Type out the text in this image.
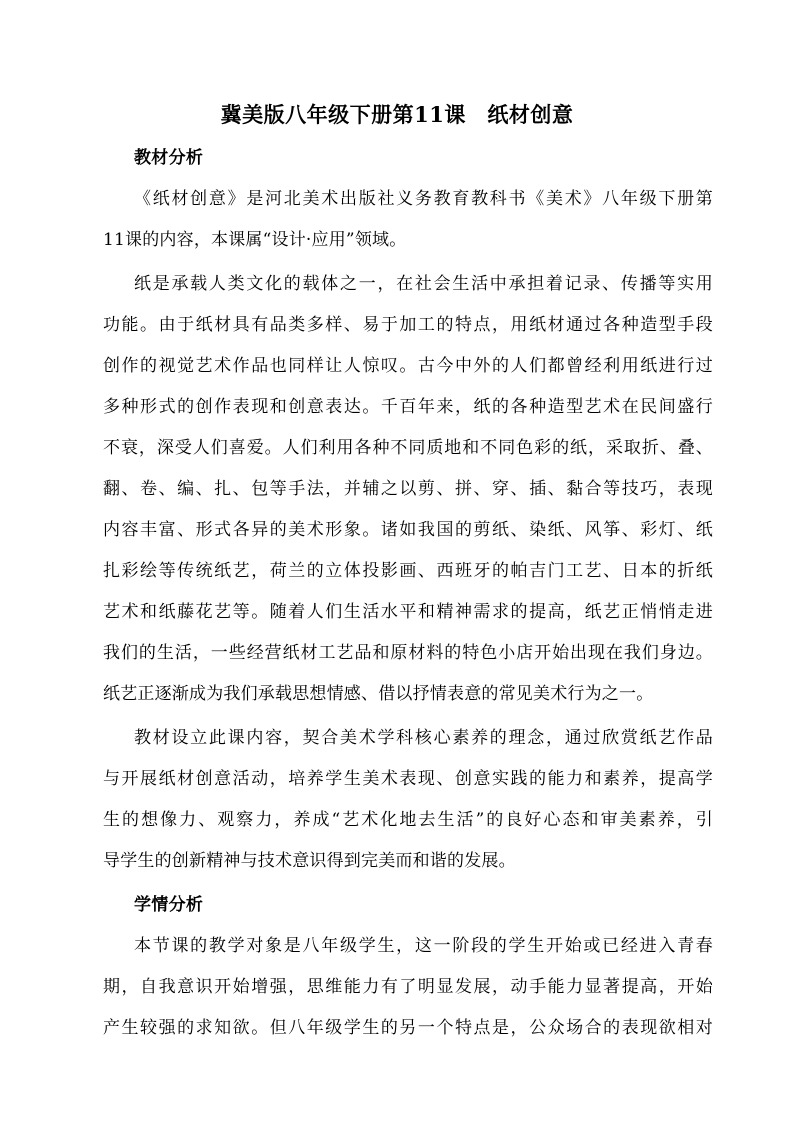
冀美版八年级下册第11课　纸材创意
教材分析
《纸材创意》是河北美术出版社义务教育教科书《美术》八年级下册第
11课的内容，本课属“设计·应用”领域。
纸是承载人类文化的载体之一，在社会生活中承担着记录、传播等实用
功能。由于纸材具有品类多样、易于加工的特点，用纸材通过各种造型手段
创作的视觉艺术作品也同样让人惊叹。古今中外的人们都曾经利用纸进行过
多种形式的创作表现和创意表达。千百年来，纸的各种造型艺术在民间盛行
不衰，深受人们喜爱。人们利用各种不同质地和不同色彩的纸，采取折、叠、
翻、卷、编、扎、包等手法，并辅之以剪、拼、穿、插、黏合等技巧，表现
内容丰富、形式各异的美术形象。诸如我国的剪纸、染纸、风筝、彩灯、纸
扎彩绘等传统纸艺，荷兰的立体投影画、西班牙的帕吉门工艺、日本的折纸
艺术和纸藤花艺等。随着人们生活水平和精神需求的提高，纸艺正悄悄走进
我们的生活，一些经营纸材工艺品和原材料的特色小店开始出现在我们身边。
纸艺正逐渐成为我们承载思想情感、借以抒情表意的常见美术行为之一。
教材设立此课内容，契合美术学科核心素养的理念，通过欣赏纸艺作品
与开展纸材创意活动，培养学生美术表现、创意实践的能力和素养，提高学
生的想像力、观察力，养成“艺术化地去生活”的良好心态和审美素养，引
导学生的创新精神与技术意识得到完美而和谐的发展。
学情分析
本节课的教学对象是八年级学生，这一阶段的学生开始或已经进入青春
期，自我意识开始增强，思维能力有了明显发展，动手能力显著提高，开始
产生较强的求知欲。但八年级学生的另一个特点是，公众场合的表现欲相对
